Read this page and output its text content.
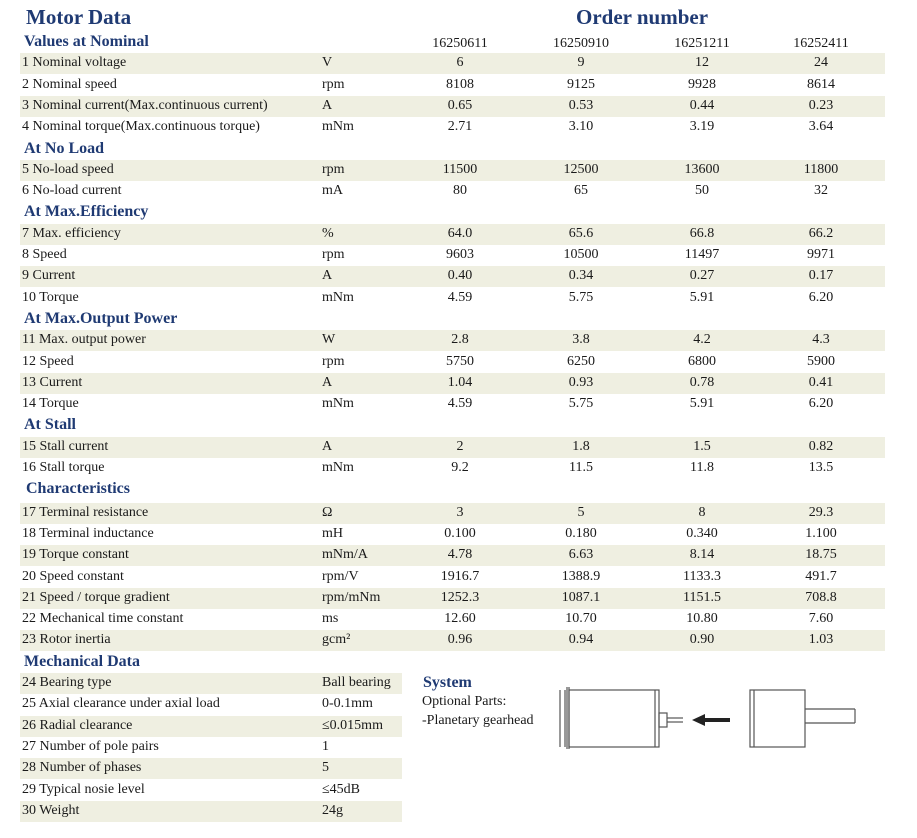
Motor Data	Order number
16250611	16250910	16251211	16252411
Values at Nominal
1 Nominal voltage	V	6	9	12	24
2 Nominal speed	rpm	8108	9125	9928	8614
3 Nominal current(Max.continuous current)	A	0.65	0.53	0.44	0.23
4 Nominal torque(Max.continuous torque)	mNm	2.71	3.10	3.19	3.64
At No Load
5 No-load speed	rpm	11500	12500	13600	11800
6 No-load current	mA	80	65	50	32
At Max.Efficiency
7 Max. efficiency	%	64.0	65.6	66.8	66.2
8 Speed	rpm	9603	10500	11497	9971
9 Current	A	0.40	0.34	0.27	0.17
10 Torque	mNm	4.59	5.75	5.91	6.20
At Max.Output Power
11 Max. output power	W	2.8	3.8	4.2	4.3
12 Speed	rpm	5750	6250	6800	5900
13 Current	A	1.04	0.93	0.78	0.41
14 Torque	mNm	4.59	5.75	5.91	6.20
At Stall
15 Stall current	A	2	1.8	1.5	0.82
16 Stall torque	mNm	9.2	11.5	11.8	13.5
Characteristics
17 Terminal resistance	Ω	3	5	8	29.3
18 Terminal inductance	mH	0.100	0.180	0.340	1.100
19 Torque constant	mNm/A	4.78	6.63	8.14	18.75
20 Speed constant	rpm/V	1916.7	1388.9	1133.3	491.7
21 Speed / torque gradient	rpm/mNm	1252.3	1087.1	1151.5	708.8
22 Mechanical time constant	ms	12.60	10.70	10.80	7.60
23 Rotor inertia	gcm²	0.96	0.94	0.90	1.03
Mechanical Data
24 Bearing type	Ball bearing
25 Axial clearance under axial load	0-0.1mm
26 Radial clearance	≤0.015mm
27 Number of pole pairs	1
28 Number of phases	5
29 Typical nosie level	≤45dB
30 Weight	24g
System
Optional Parts:
-Planetary gearhead
